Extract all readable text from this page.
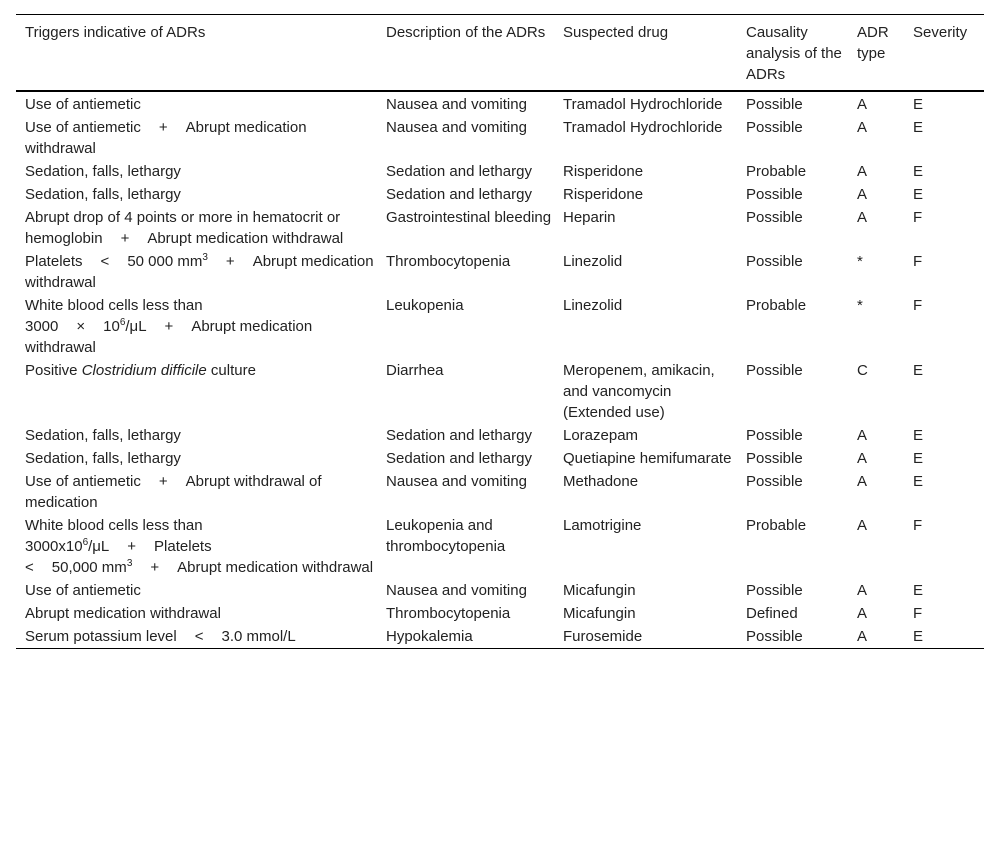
Triggers indicative of ADRs	Description of the ADRs	Suspected drug	Causality analysis of the ADRs	ADR type	Severity
Use of antiemetic	Nausea and vomiting	Tramadol Hydrochloride	Possible	A	E
Use of antiemetic + Abrupt medication withdrawal	Nausea and vomiting	Tramadol Hydrochloride	Possible	A	E
Sedation, falls, lethargy	Sedation and lethargy	Risperidone	Probable	A	E
Sedation, falls, lethargy	Sedation and lethargy	Risperidone	Possible	A	E
Abrupt drop of 4 points or more in hematocrit or hemoglobin + Abrupt medication withdrawal	Gastrointestinal bleeding	Heparin	Possible	A	F
Platelets < 50 000 $mm^3$ + Abrupt medication withdrawal	Thrombocytopenia	Linezolid	Possible	*	F
White blood cells less than
$3000 \times 10^6/\mu L$ + Abrupt medication withdrawal	Leukopenia	Linezolid	Probable	*	F
Positive Clostridium difficile culture	Diarrhea	Meropenem, amikacin, and vancomycin (Extended use)	Possible	C	E
Sedation, falls, lethargy	Sedation and lethargy	Lorazepam	Possible	A	E
Sedation, falls, lethargy	Sedation and lethargy	Quetiapine hemifumarate	Possible	A	E
Use of antiemetic + Abrupt withdrawal of medication	Nausea and vomiting	Methadone	Possible	A	E
White blood cells less than
$3000x10^6/\mu L$ + Platelets
< 50,000 $mm^3$ + Abrupt medication withdrawal	Leukopenia and thrombocytopenia	Lamotrigine	Probable	A	F
Use of antiemetic	Nausea and vomiting	Micafungin	Possible	A	E
Abrupt medication withdrawal	Thrombocytopenia	Micafungin	Defined	A	F
Serum potassium level < 3.0 mmol/L	Hypokalemia	Furosemide	Possible	A	E
